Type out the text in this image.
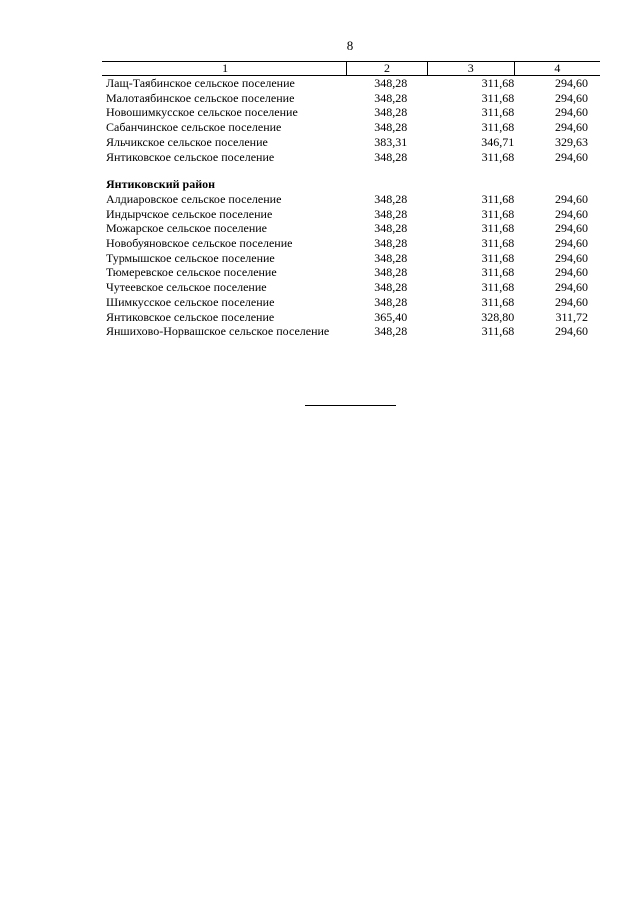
8
1	2	3	4
Лащ-Таябинское сельское поселение	348,28	311,68	294,60
Малотаябинское сельское поселение	348,28	311,68	294,60
Новошимкусское сельское поселение	348,28	311,68	294,60
Сабанчинское сельское поселение	348,28	311,68	294,60
Яльчикское сельское поселение	383,31	346,71	329,63
Янтиковское сельское поселение	348,28	311,68	294,60

Янтиковский район			
Алдиаровское сельское поселение	348,28	311,68	294,60
Индырчское сельское поселение	348,28	311,68	294,60
Можарское сельское поселение	348,28	311,68	294,60
Новобуяновское сельское поселение	348,28	311,68	294,60
Турмышское сельское поселение	348,28	311,68	294,60
Тюмеревское сельское поселение	348,28	311,68	294,60
Чутеевское сельское поселение	348,28	311,68	294,60
Шимкусское сельское поселение	348,28	311,68	294,60
Янтиковское сельское поселение	365,40	328,80	311,72
Яншихово-Норвашское сельское поселение	348,28	311,68	294,60
